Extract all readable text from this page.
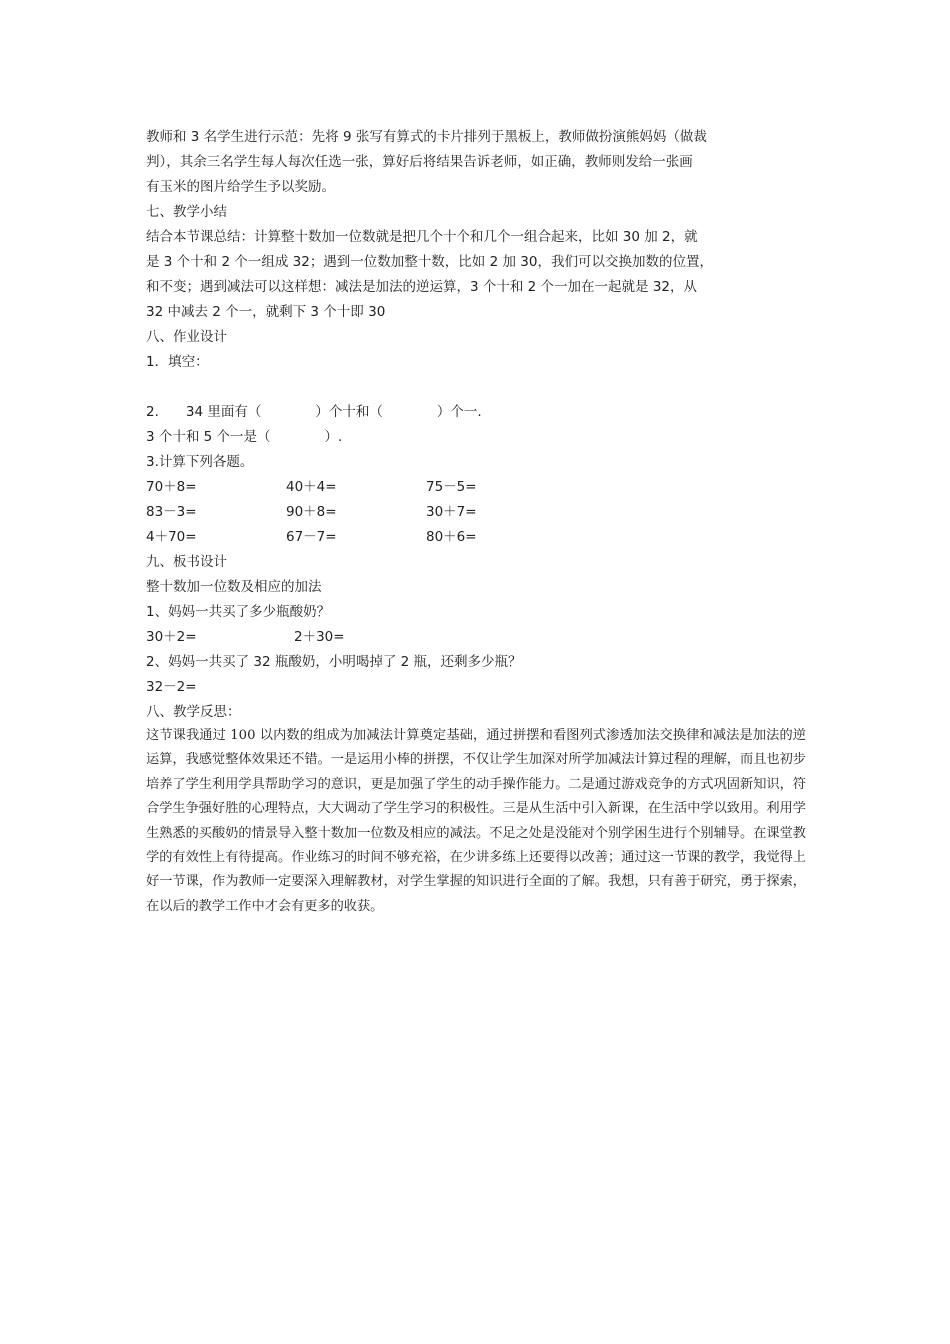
教师和 3 名学生进行示范：先将 9 张写有算式的卡片排列于黑板上，教师做扮演熊妈妈（做裁
判），其余三名学生每人每次任选一张，算好后将结果告诉老师，如正确，教师则发给一张画
有玉米的图片给学生予以奖励。
七、教学小结
结合本节课总结：计算整十数加一位数就是把几个十个和几个一组合起来，比如 30 加 2，就
是 3 个十和 2 个一组成 32；遇到一位数加整十数，比如 2 加 30，我们可以交换加数的位置，
和不变；遇到减法可以这样想：减法是加法的逆运算，3 个十和 2 个一加在一起就是 32，从
32 中减去 2 个一，就剩下 3 个十即 30
八、作业设计
1．填空：
2.　　34 里面有（　　　　）个十和（　　　　）个一.
3 个十和 5 个一是（　　　　）.
3.计算下列各题。
70＋8=	40＋4=	75－5=
83－3=	90＋8=	30＋7=
4＋70=	67－7=	80＋6=
九、板书设计
整十数加一位数及相应的加法
1、妈妈一共买了多少瓶酸奶？
30＋2=	2＋30=
2、妈妈一共买了 32 瓶酸奶，小明喝掉了 2 瓶，还剩多少瓶？
32－2=
八、教学反思：
这节课我通过 100 以内数的组成为加减法计算奠定基础，通过拼摆和看图列式渗透加法交换律和减法是加法的逆运算，我感觉整体效果还不错。一是运用小棒的拼摆，不仅让学生加深对所学加减法计算过程的理解，而且也初步培养了学生利用学具帮助学习的意识，更是加强了学生的动手操作能力。二是通过游戏竞争的方式巩固新知识，符合学生争强好胜的心理特点，大大调动了学生学习的积极性。三是从生活中引入新课，在生活中学以致用。利用学生熟悉的买酸奶的情景导入整十数加一位数及相应的减法。不足之处是没能对个别学困生进行个别辅导。在课堂教学的有效性上有待提高。作业练习的时间不够充裕，在少讲多练上还要得以改善；通过这一节课的教学，我觉得上好一节课，作为教师一定要深入理解教材，对学生掌握的知识进行全面的了解。我想，只有善于研究，勇于探索，在以后的教学工作中才会有更多的收获。
